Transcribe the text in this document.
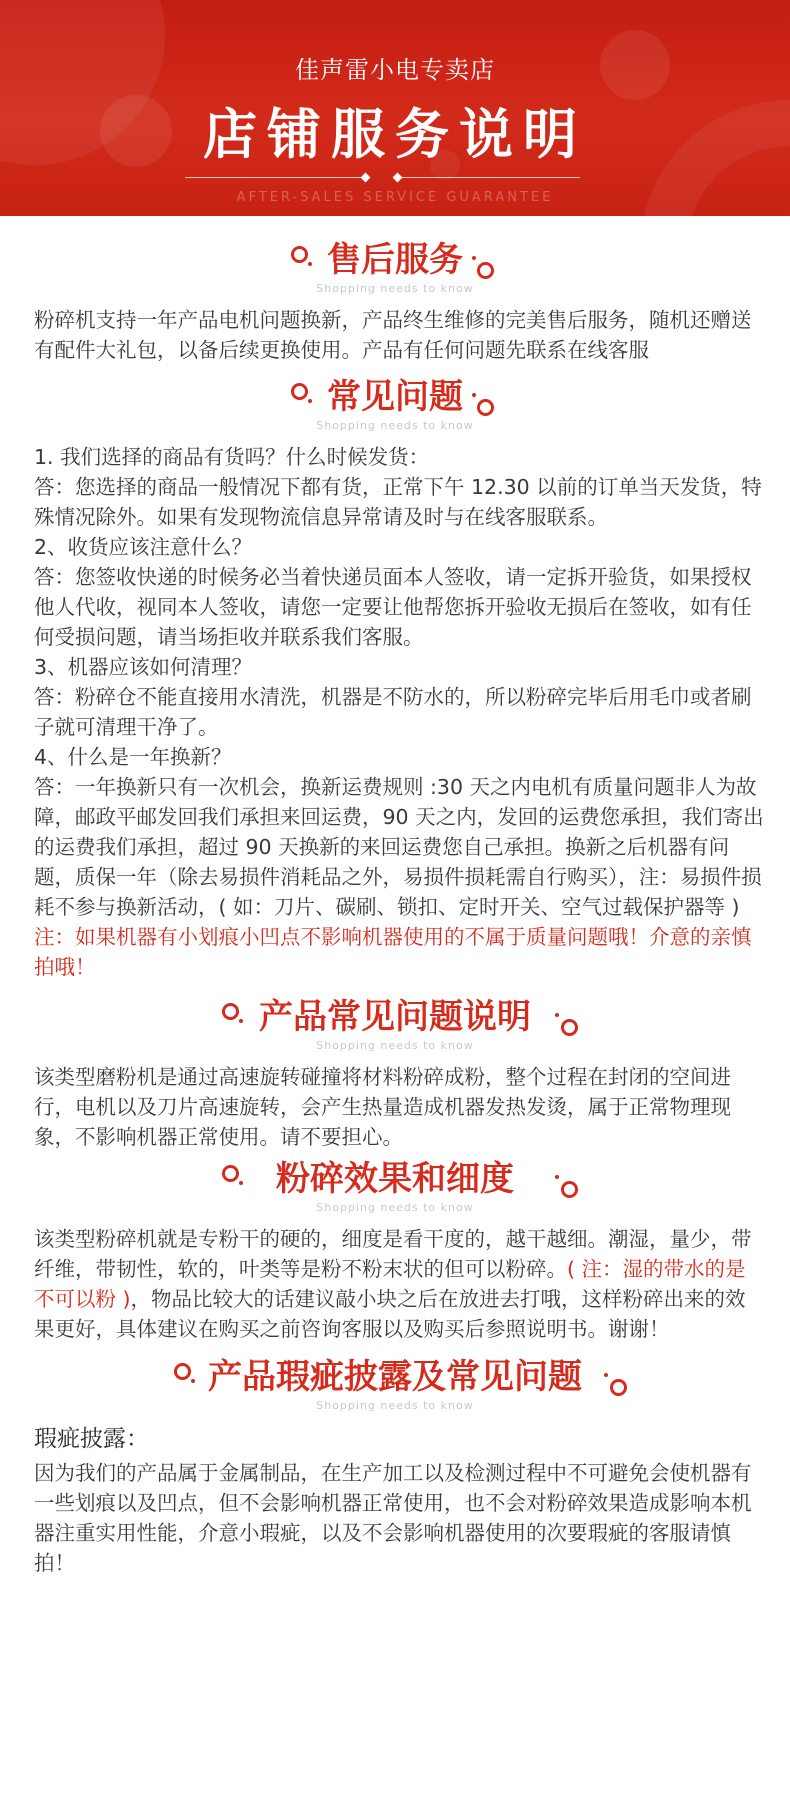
佳声雷小电专卖店
店铺服务说明
AFTER-SALES SERVICE GUARANTEE
售后服务
Shopping needs to know
粉碎机支持一年产品电机问题换新，产品终生维修的完美售后服务，随机还赠送有配件大礼包，以备后续更换使用。产品有任何问题先联系在线客服
常见问题
Shopping needs to know

1. 我们选择的商品有货吗？什么时候发货：

答：您选择的商品一般情况下都有货，正常下午 12.30 以前的订单当天发货，特殊情况除外。如果有发现物流信息异常请及时与在线客服联系。

2、收货应该注意什么？

答：您签收快递的时候务必当着快递员面本人签收，请一定拆开验货，如果授权他人代收，视同本人签收，请您一定要让他帮您拆开验收无损后在签收，如有任何受损问题，请当场拒收并联系我们客服。

3、机器应该如何清理？

答：粉碎仓不能直接用水清洗，机器是不防水的，所以粉碎完毕后用毛巾或者刷子就可清理干净了。

4、什么是一年换新？

答：一年换新只有一次机会，换新运费规则 :30 天之内电机有质量问题非人为故障，邮政平邮发回我们承担来回运费，90 天之内，发回的运费您承担，我们寄出的运费我们承担，超过 90 天换新的来回运费您自己承担。换新之后机器有问题，质保一年（除去易损件消耗品之外，易损件损耗需自行购买），注：易损件损耗不参与换新活动，( 如：刀片、碳刷、锁扣、定时开关、空气过载保护器等 )注：如果机器有小划痕小凹点不影响机器使用的不属于质量问题哦！介意的亲慎拍哦！

产品常见问题说明
Shopping needs to know
该类型磨粉机是通过高速旋转碰撞将材料粉碎成粉，整个过程在封闭的空间进行，电机以及刀片高速旋转，会产生热量造成机器发热发烫，属于正常物理现象，不影响机器正常使用。请不要担心。
粉碎效果和细度
Shopping needs to know
该类型粉碎机就是专粉干的硬的，细度是看干度的，越干越细。潮湿，量少，带纤维，带韧性，软的，叶类等是粉不粉末状的但可以粉碎。( 注：湿的带水的是不可以粉 )，物品比较大的话建议敲小块之后在放进去打哦，这样粉碎出来的效果更好，具体建议在购买之前咨询客服以及购买后参照说明书。谢谢！
产品瑕疵披露及常见问题
Shopping needs to know
瑕疵披露：
因为我们的产品属于金属制品，在生产加工以及检测过程中不可避免会使机器有一些划痕以及凹点，但不会影响机器正常使用，也不会对粉碎效果造成影响本机器注重实用性能，介意小瑕疵，以及不会影响机器使用的次要瑕疵的客服请慎拍！
